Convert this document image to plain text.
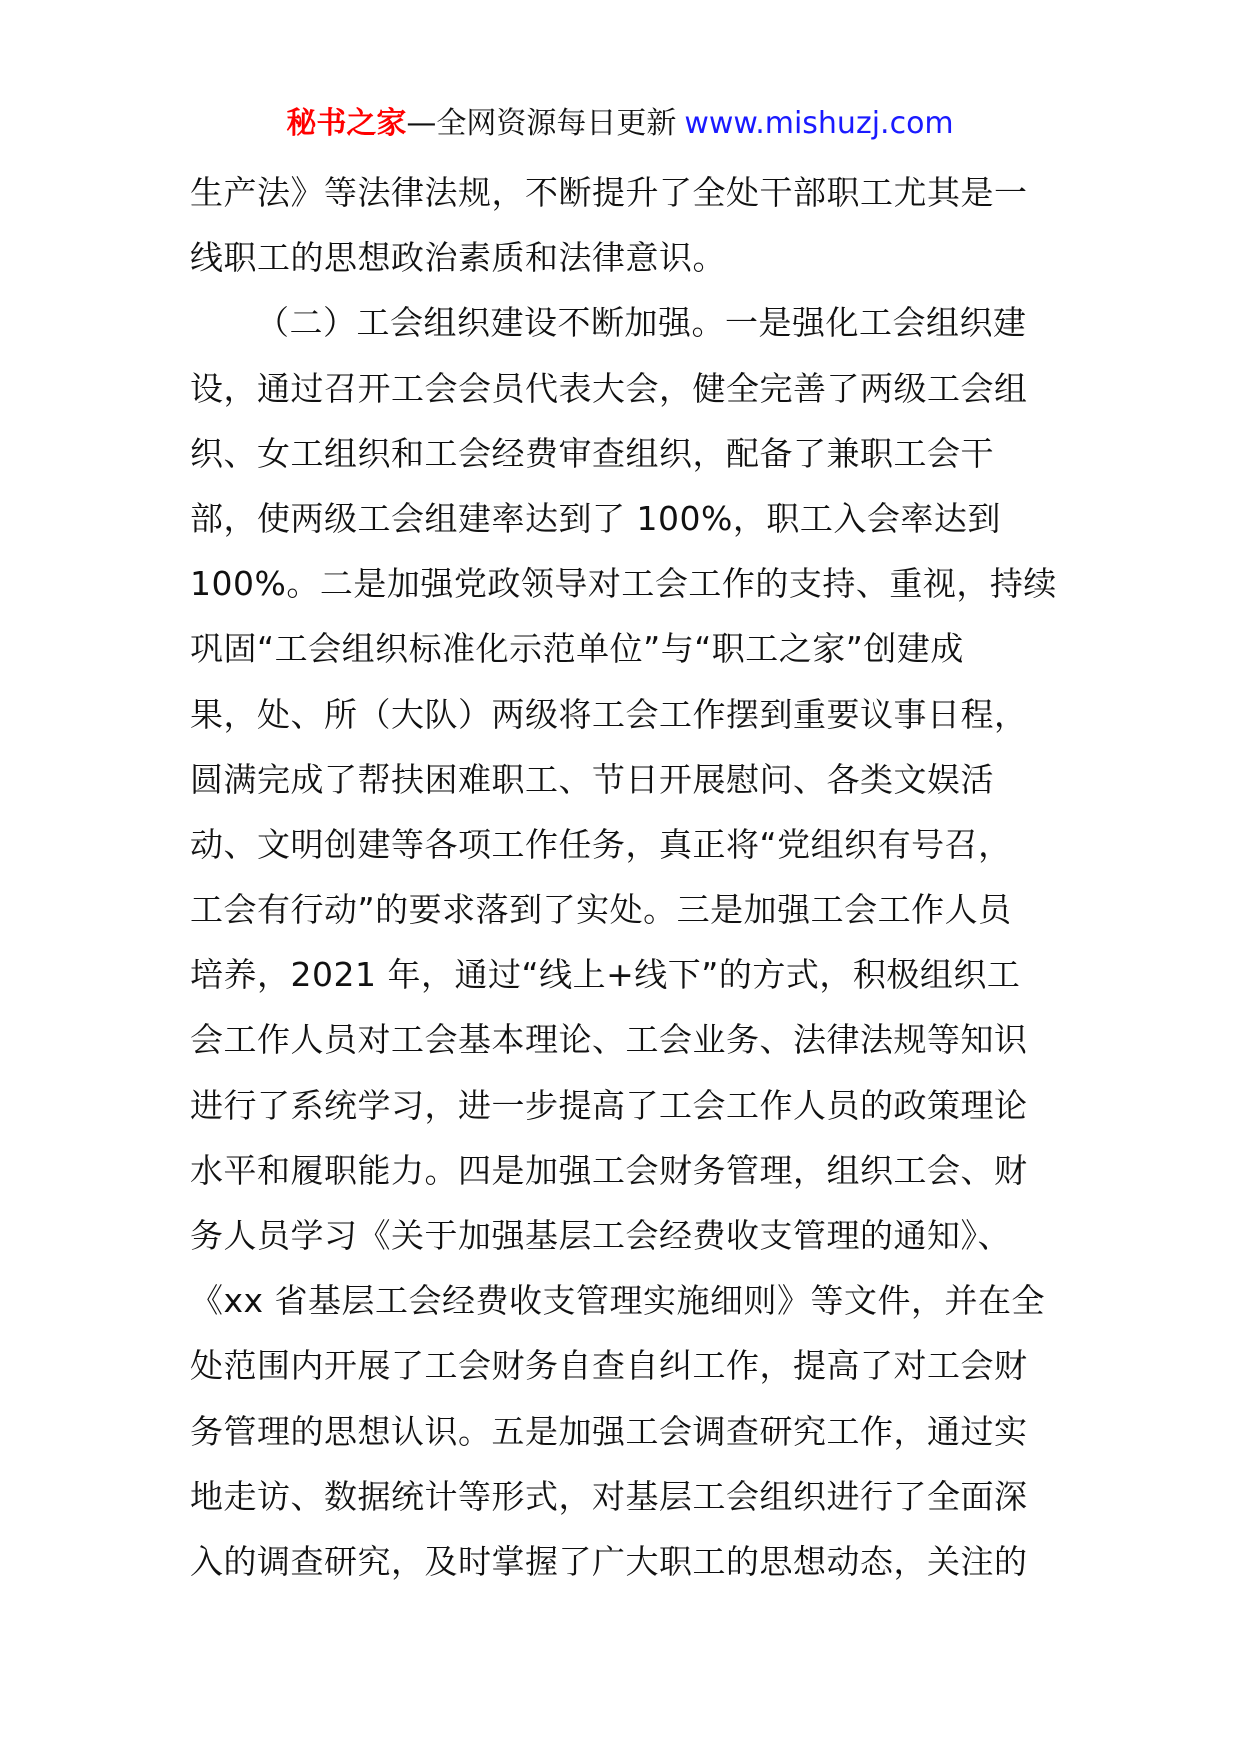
秘书之家—全网资源每日更新 www.mishuzj.com
生产法》等法律法规，不断提升了全处干部职工尤其是一
线职工的思想政治素质和法律意识。
（二）工会组织建设不断加强。一是强化工会组织建
设，通过召开工会会员代表大会，健全完善了两级工会组
织、女工组织和工会经费审查组织，配备了兼职工会干
部，使两级工会组建率达到了 100%，职工入会率达到
100%。二是加强党政领导对工会工作的支持、重视，持续
巩固“工会组织标准化示范单位”与“职工之家”创建成
果，处、所（大队）两级将工会工作摆到重要议事日程，
圆满完成了帮扶困难职工、节日开展慰问、各类文娱活
动、文明创建等各项工作任务，真正将“党组织有号召，
工会有行动”的要求落到了实处。三是加强工会工作人员
培养，2021 年，通过“线上+线下”的方式，积极组织工
会工作人员对工会基本理论、工会业务、法律法规等知识
进行了系统学习，进一步提高了工会工作人员的政策理论
水平和履职能力。四是加强工会财务管理，组织工会、财
务人员学习《关于加强基层工会经费收支管理的通知》、
《xx 省基层工会经费收支管理实施细则》等文件，并在全
处范围内开展了工会财务自查自纠工作，提高了对工会财
务管理的思想认识。五是加强工会调查研究工作，通过实
地走访、数据统计等形式，对基层工会组织进行了全面深
入的调查研究，及时掌握了广大职工的思想动态，关注的
